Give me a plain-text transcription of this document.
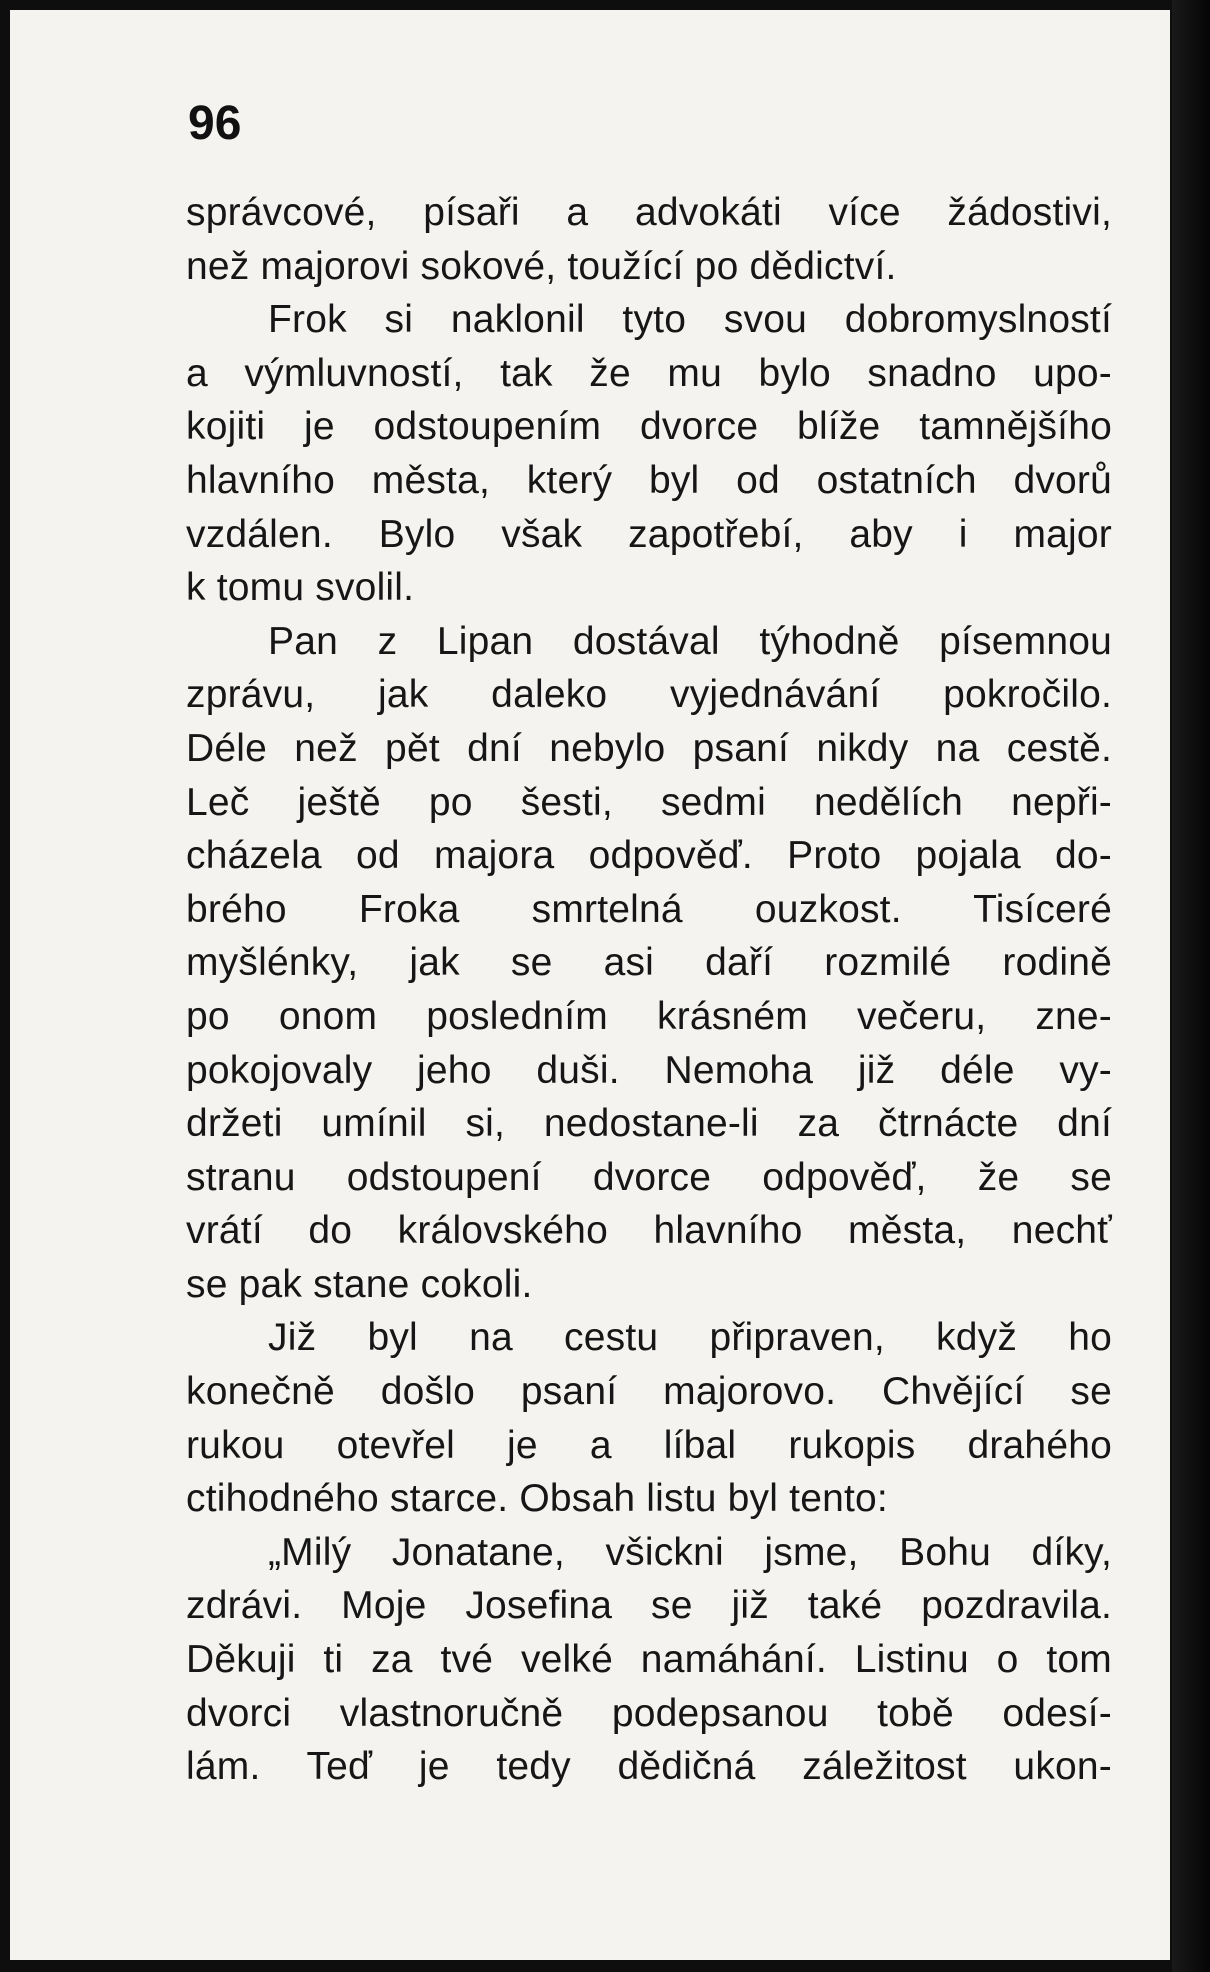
96

správcové, písaři a advokáti více žádostivi,
než majorovi sokové, toužící po dědictví.
Frok si naklonil tyto svou dobromyslností
a výmluvností, tak že mu bylo snadno upo-
kojiti je odstoupením dvorce blíže tamnějšího
hlavního města, který byl od ostatních dvorů
vzdálen. Bylo však zapotřebí, aby i major
k tomu svolil.
Pan z Lipan dostával týhodně písemnou
zprávu, jak daleko vyjednávání pokročilo.
Déle než pět dní nebylo psaní nikdy na cestě.
Leč ještě po šesti, sedmi nedělích nepři-
cházela od majora odpověď. Proto pojala do-
brého Froka smrtelná ouzkost. Tisíceré
myšlénky, jak se asi daří rozmilé rodině
po onom posledním krásném večeru, zne-
pokojovaly jeho duši. Nemoha již déle vy-
držeti umínil si, nedostane-li za čtrnácte dní
stranu odstoupení dvorce odpověď, že se
vrátí do královského hlavního města, nechť
se pak stane cokoli.
Již byl na cestu připraven, když ho
konečně došlo psaní majorovo. Chvějící se
rukou otevřel je a líbal rukopis drahého
ctihodného starce. Obsah listu byl tento:
„Milý Jonatane, všickni jsme, Bohu díky,
zdrávi. Moje Josefina se již také pozdravila.
Děkuji ti za tvé velké namáhání. Listinu o tom
dvorci vlastnoručně podepsanou tobě odesí-
lám. Teď je tedy dědičná záležitost ukon-
